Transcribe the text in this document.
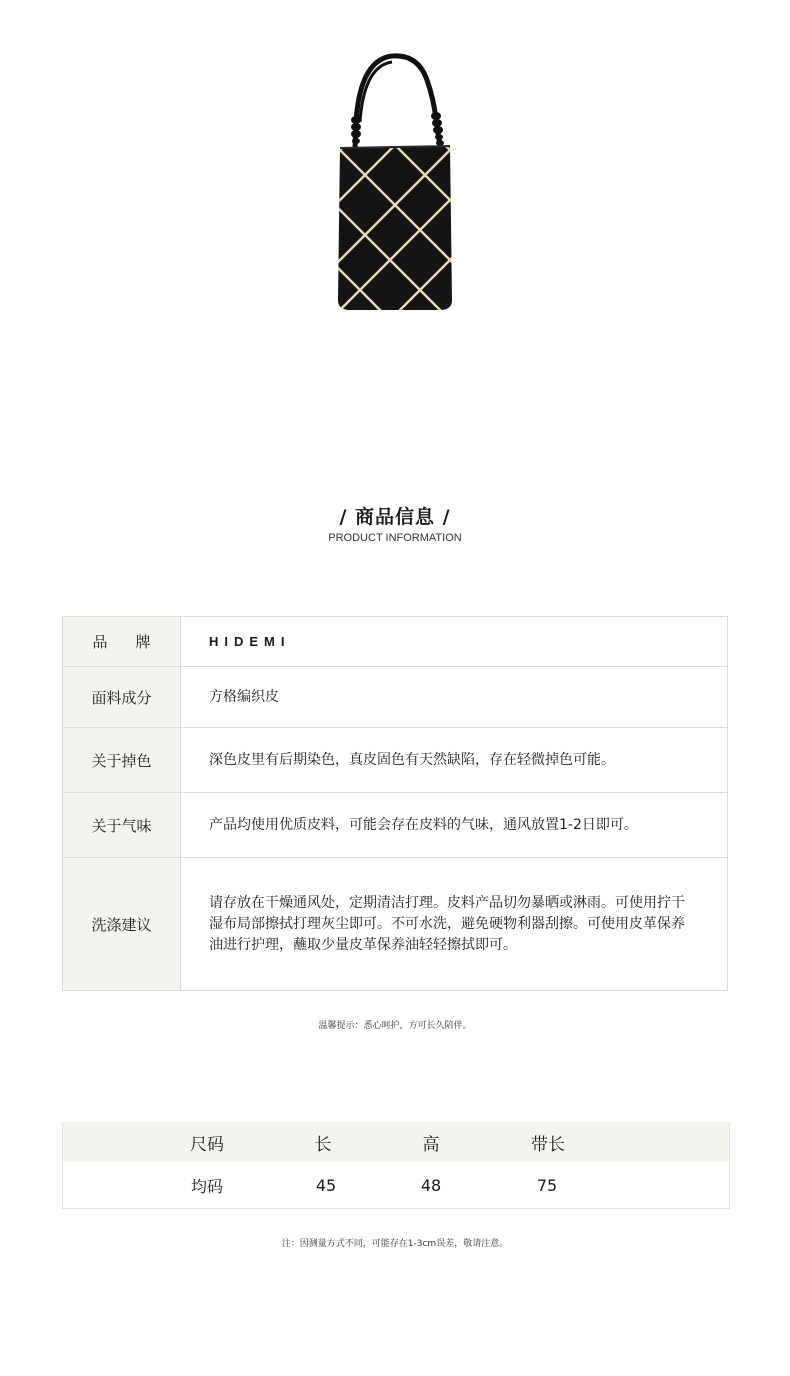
/ 商品信息 /
PRODUCT INFORMATION
品牌	HIDEMI
面料成分	方格编织皮
关于掉色	深色皮里有后期染色，真皮固色有天然缺陷，存在轻微掉色可能。
关于气味	产品均使用优质皮料，可能会存在皮料的气味，通风放置1-2日即可。
洗涤建议	请存放在干燥通风处，定期清洁打理。皮料产品切勿暴晒或淋雨。可使用拧干湿布局部擦拭打理灰尘即可。不可水洗，避免硬物利器刮擦。可使用皮革保养油进行护理，蘸取少量皮革保养油轻轻擦拭即可。
温馨提示：悉心呵护，方可长久陪伴。
尺码	长	高	带长
均码	45	48	75
注：因测量方式不同，可能存在1-3cm误差，敬请注意。
